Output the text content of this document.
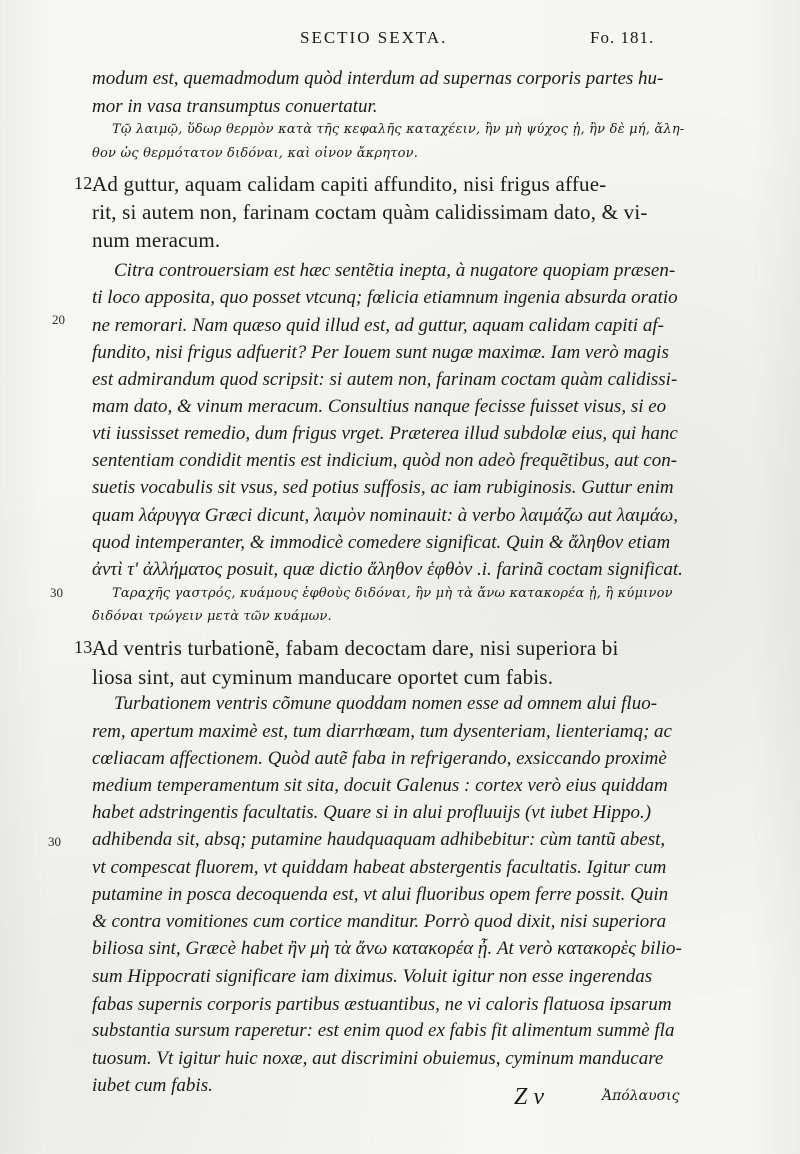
SECTIO SEXTA.	Fo. 181.
modum est, quemadmodum quòd interdum ad supernas corporis partes hu-
mor in vasa transumptus conuertatur.
Τῷ λαιμῷ, ὕδωρ θερμὸν κατὰ τῆς κεφαλῆς καταχέειν, ἢν μὴ ψύχος ᾖ, ἢν δὲ μή, ἄλη-
θον ὡς θερμότατον διδόναι, καὶ οἶνον ἄκρητον.
12.
Ad guttur, aquam calidam capiti affundito, nisi frigus affue-
rit, si autem non, farinam coctam quàm calidissimam dato, & vi-
num meracum.
Citra controuersiam est hæc sentẽtia inepta, à nugatore quopiam præsen-
ti loco apposita, quo posset vtcunq; fœlicia etiamnum ingenia absurda oratio
ne remorari. Nam quæso quid illud est, ad guttur, aquam calidam capiti af-
fundito, nisi frigus adfuerit? Per Iouem sunt nugæ maximæ. Iam verò magis
est admirandum quod scripsit: si autem non, farinam coctam quàm calidissi-
mam dato, & vinum meracum. Consultius nanque fecisse fuisset visus, si eo
vti iussisset remedio, dum frigus vrget. Præterea illud subdolæ eius, qui hanc
sententiam condidit mentis est indicium, quòd non adeò frequẽtibus, aut con-
suetis vocabulis sit vsus, sed potius suffosis, ac iam rubiginosis. Guttur enim
quam λάρυγγα Græci dicunt, λαιμὸν nominauit: à verbo λαιμάζω aut λαιμάω,
quod intemperanter, & immodicè comedere significat. Quin & ἄληθον etiam
ἀντὶ τ' ἀλλήματος posuit, quæ dictio ἄληθον ἑφθὸν .i. farinã coctam significat.
Ταραχῆς γαστρός, κυάμους ἑφθοὺς διδόναι, ἢν μὴ τὰ ἄνω κατακορέα ᾖ, ἢ κύμινον
διδόναι τρώγειν μετὰ τῶν κυάμων.
13.
Ad ventris turbationẽ, fabam decoctam dare, nisi superiora bi
liosa sint, aut cyminum manducare oportet cum fabis.
Turbationem ventris cõmune quoddam nomen esse ad omnem alui fluo-
rem, apertum maximè est, tum diarrhœam, tum dysenteriam, lienteriamq; ac
cœliacam affectionem. Quòd autẽ faba in refrigerando, exsiccando proximè
medium temperamentum sit sita, docuit Galenus : cortex verò eius quiddam
habet adstringentis facultatis. Quare si in alui profluuijs (vt iubet Hippo.)
adhibenda sit, absq; putamine haudquaquam adhibebitur: cùm tantũ abest,
vt compescat fluorem, vt quiddam habeat abstergentis facultatis. Igitur cum
putamine in posca decoquenda est, vt alui fluoribus opem ferre possit. Quin
& contra vomitiones cum cortice manditur. Porrò quod dixit, nisi superiora
biliosa sint, Græcè habet ἢν μὴ τὰ ἄνω κατακορέα ᾖ. At verò κατακορὲς bilio-
sum Hippocrati significare iam diximus. Voluit igitur non esse ingerendas
fabas supernis corporis partibus æstuantibus, ne vi caloris flatuosa ipsarum
substantia sursum raperetur: est enim quod ex fabis fit alimentum summè fla
tuosum. Vt igitur huic noxæ, aut discrimini obuiemus, cyminum manducare
iubet cum fabis.
20
30
30
Z v	Ἀπόλαυσις
